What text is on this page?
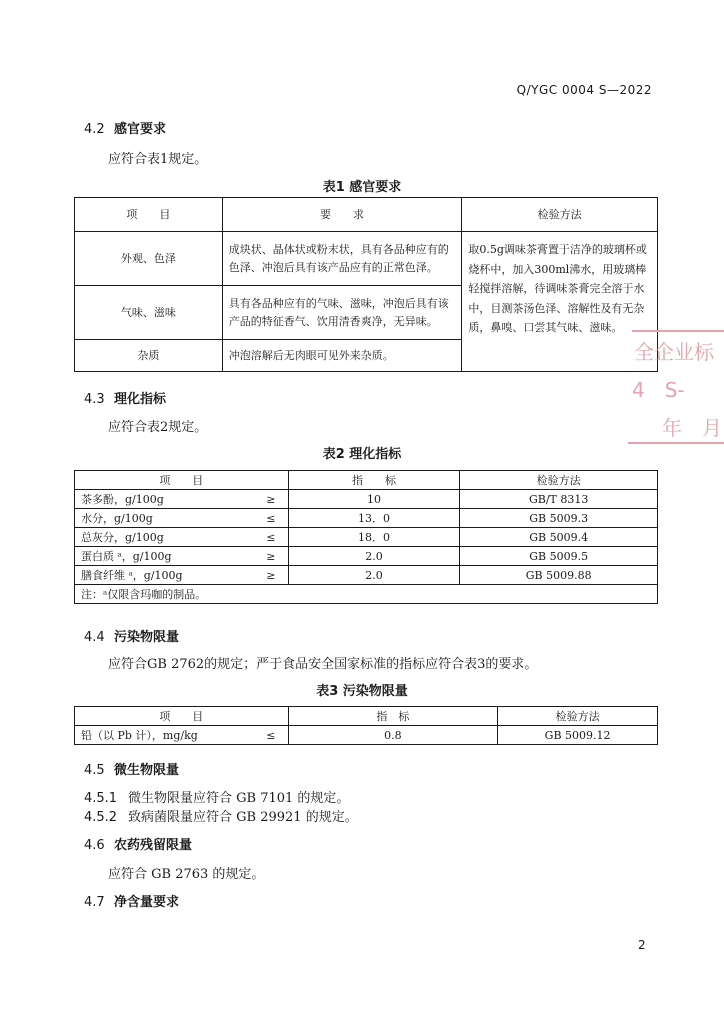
Q/YGC 0004 S—2022
4.2 感官要求
应符合表1规定。
表1 感官要求
项　　目	要　　求	检验方法
外观、色泽	成块状、晶体状或粉末状，具有各品种应有的色泽、冲泡后具有该产品应有的正常色泽。	取0.5g调味茶膏置于洁净的玻璃杯或烧杯中，加入300ml沸水，用玻璃棒轻搅拌溶解，待调味茶膏完全溶于水中，目测茶汤色泽、溶解性及有无杂质，鼻嗅、口尝其气味、滋味。
气味、滋味	具有各品种应有的气味、滋味，冲泡后具有该产品的特征香气、饮用清香爽净，无异味。	
杂质	冲泡溶解后无肉眼可见外来杂质。	
4.3 理化指标
应符合表2规定。
表2 理化指标
项　　目		指　　标	检验方法
茶多酚，g/100g	≥	10	GB/T 8313
水分，g/100g	≤	13．0	GB 5009.3
总灰分，g/100g	≤	18．0	GB 5009.4
蛋白质 ᵃ，g/100g	≥	2.0	GB 5009.5
膳食纤维 ᵃ，g/100g	≥	2.0	GB 5009.88
注：ᵃ仅限含玛咖的制品。			
4.4 污染物限量
应符合GB 2762的规定；严于食品安全国家标准的指标应符合表3的要求。
表3 污染物限量
项　　目		指　标	检验方法
铅（以 Pb 计），mg/kg	≤	0.8	GB 5009.12
4.5 微生物限量
4.5.1 微生物限量应符合 GB 7101 的规定。
4.5.2 致病菌限量应符合 GB 29921 的规定。
4.6 农药残留限量
应符合 GB 2763 的规定。
4.7 净含量要求
全企业标
4　S-
年　月
2
